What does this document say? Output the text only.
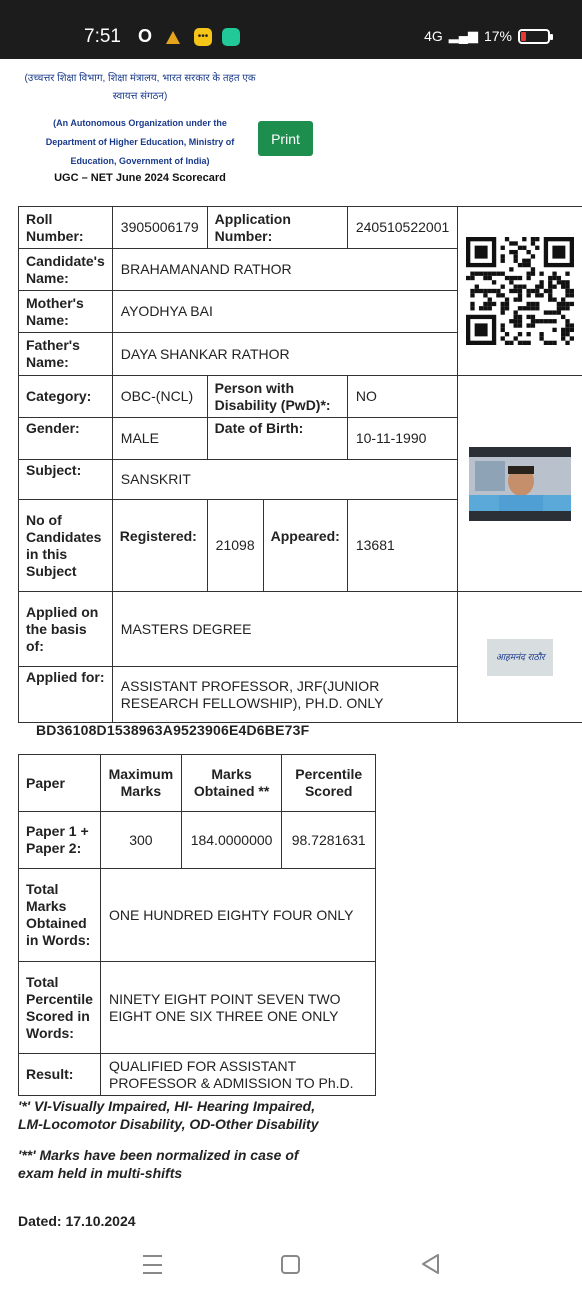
7:51 O	•••	4G ▂▄▆ 17%
(उच्चत्तर शिक्षा विभाग, शिक्षा मंत्रालय, भारत सरकार के तहत एक स्वायत्त संगठन)
(An Autonomous Organization under the Department of Higher Education, Ministry of Education, Government of India)
UGC – NET June 2024 Scorecard
Print
Roll Number:	3905006179	Application Number:		240510522001	

Candidate's Name:	BRAHAMANAND RATHOR				
Mother's Name:	AYODHYA BAI				
Father's Name:	DAYA SHANKAR RATHOR				
Category:	OBC-(NCL)	Person with Disability (PwD)*:		NO	

Gender:	MALE	Date of Birth:		10-11-1990	
Subject:	SANSKRIT				
No of Candidates in this Subject	Registered:	21098	Appeared:	13681	
Applied on the basis of:	MASTERS DEGREE				आहमनंद राठौर

Applied for:	ASSISTANT PROFESSOR, JRF(JUNIOR RESEARCH FELLOWSHIP), PH.D. ONLY				
BD36108D1538963A9523906E4D6BE73F
Paper	Maximum Marks	Marks Obtained **	Percentile Scored
Paper 1 + Paper 2:	300	184.0000000	98.7281631
Total Marks Obtained in Words:	ONE HUNDRED EIGHTY FOUR ONLY		
Total Percentile Scored in Words:	NINETY EIGHT POINT SEVEN TWO EIGHT ONE SIX THREE ONE ONLY		
Result:	QUALIFIED FOR ASSISTANT PROFESSOR & ADMISSION TO Ph.D.		
'*' VI-Visually Impaired, HI- Hearing Impaired, LM-Locomotor Disability, OD-Other Disability
'**' Marks have been normalized in case of exam held in multi-shifts
Dated: 17.10.2024
